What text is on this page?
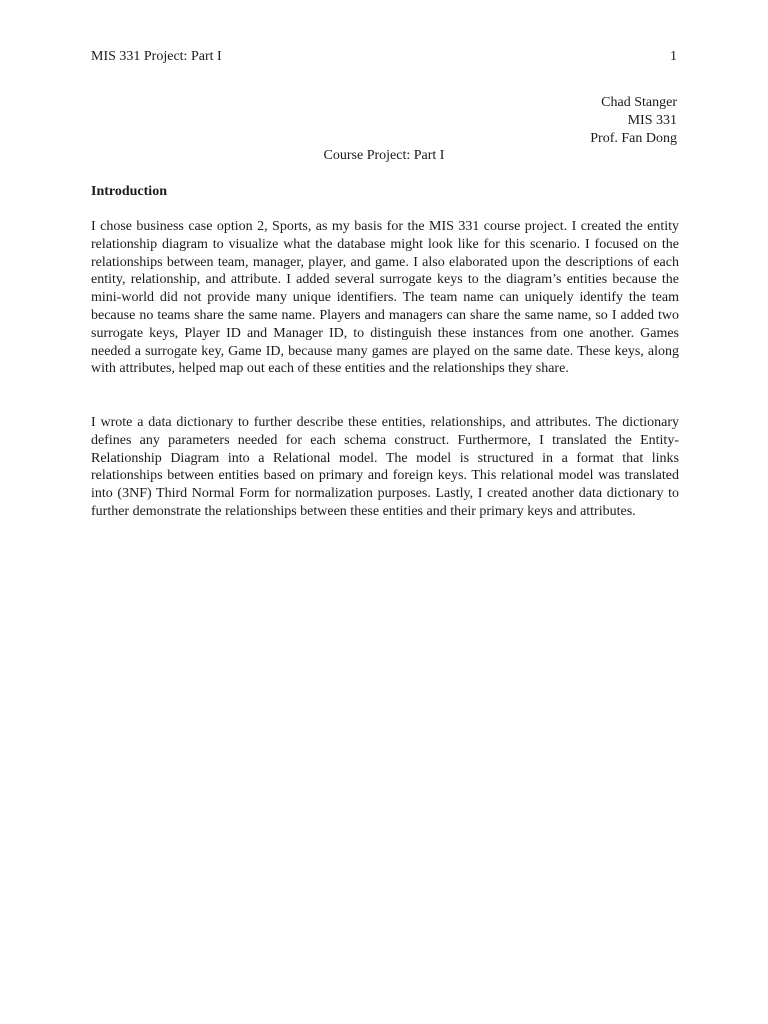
MIS 331 Project: Part I	1
Chad Stanger
MIS 331
Prof. Fan Dong
Course Project: Part I
Introduction

I chose business case option 2, Sports, as my basis for the MIS 331 course project. I created the entity relationship diagram to visualize what the database might look like for this scenario. I focused on the relationships between team, manager, player, and game. I also elaborated upon the descriptions of each entity, relationship, and attribute. I added several surrogate keys to the diagram’s entities because the mini-world did not provide many unique identifiers. The team name can uniquely identify the team because no teams share the same name. Players and managers can share the same name, so I added two surrogate keys, Player ID and Manager ID, to distinguish these instances from one another. Games needed a surrogate key, Game ID, because many games are played on the same date. These keys, along with attributes, helped map out each of these entities and the relationships they share.

I wrote a data dictionary to further describe these entities, relationships, and attributes. The dictionary defines any parameters needed for each schema construct. Furthermore, I translated the Entity-Relationship Diagram into a Relational model. The model is structured in a format that links relationships between entities based on primary and foreign keys. This relational model was translated into (3NF) Third Normal Form for normalization purposes. Lastly, I created another data dictionary to further demonstrate the relationships between these entities and their primary keys and attributes.
